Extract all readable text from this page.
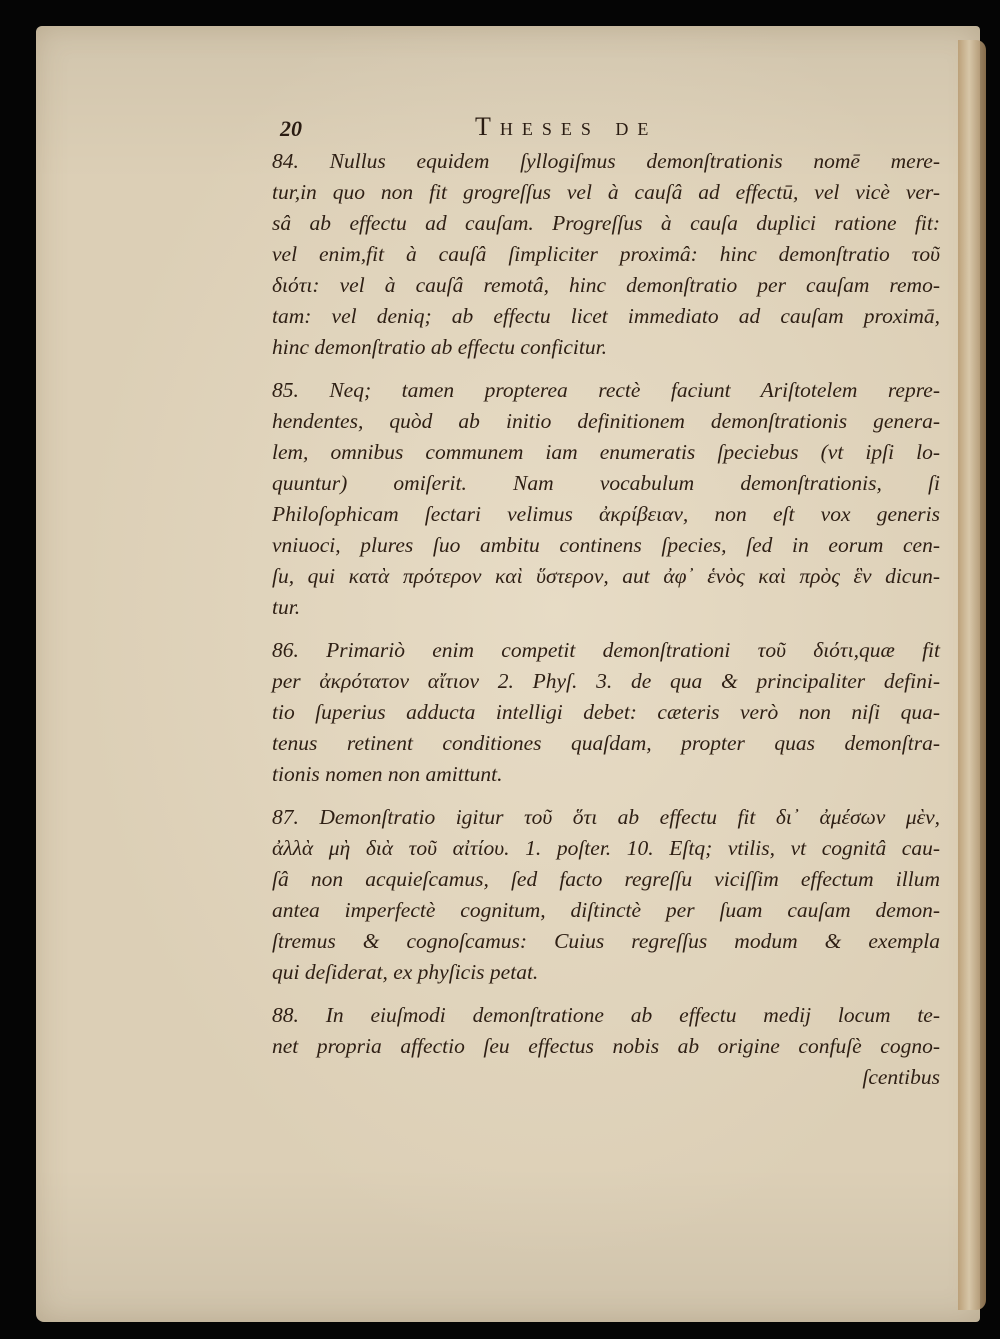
20	Theses de
84. Nullus equidem ſyllogiſmus demonſtrationis nomē mere-
tur,in quo non fit grogreſſus vel à cauſâ ad effectū, vel vicè ver-
sâ ab effectu ad cauſam. Progreſſus à cauſa duplici ratione fit:
vel enim,fit à cauſâ ſimpliciter proximâ: hinc demonſtratio τοῦ
διότι: vel à cauſâ remotâ, hinc demonſtratio per cauſam remo-
tam: vel deniq; ab effectu licet immediato ad cauſam proximā,
hinc demonſtratio ab effectu conficitur.
85. Neq; tamen propterea rectè faciunt Ariſtotelem repre-
hendentes, quòd ab initio definitionem demonſtrationis genera-
lem, omnibus communem iam enumeratis ſpeciebus (vt ipſi lo-
quuntur) omiſerit. Nam vocabulum demonſtrationis, ſi
Philoſophicam ſectari velimus ἀκρίβειαν, non eſt vox generis
vniuoci, plures ſuo ambitu continens ſpecies, ſed in eorum cen-
ſu, qui κατὰ πρότερον καὶ ὕστερον, aut ἀφ᾽ ἑνὸς καὶ πρὸς ἓν dicun-
tur.
86. Primariò enim competit demonſtrationi τοῦ διότι,quæ fit
per ἀκρότατον αἴτιον 2. Phyſ. 3. de qua & principaliter defini-
tio ſuperius adducta intelligi debet: cæteris verò non niſi qua-
tenus retinent conditiones quaſdam, propter quas demonſtra-
tionis nomen non amittunt.
87. Demonſtratio igitur τοῦ ὅτι ab effectu fit δι᾽ ἀμέσων μὲν,
ἀλλὰ μὴ διὰ τοῦ αἰτίου. 1. poſter. 10. Eſtq; vtilis, vt cognitâ cau-
ſâ non acquieſcamus, ſed facto regreſſu viciſſim effectum illum
antea imperfectè cognitum, diſtinctè per ſuam cauſam demon-
ſtremus & cognoſcamus: Cuius regreſſus modum & exempla
qui deſiderat, ex phyſicis petat.
88. In eiuſmodi demonſtratione ab effectu medij locum te-
net propria affectio ſeu effectus nobis ab origine confuſè cogno-
ſcentibus
